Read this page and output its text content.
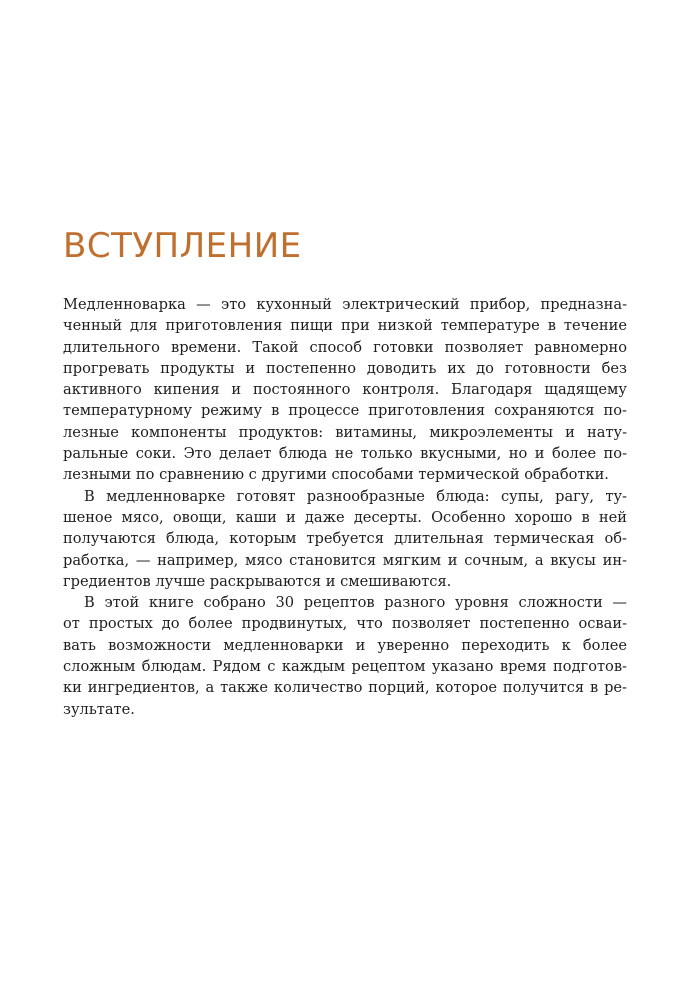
ВСТУПЛЕНИЕ
Медленноварка — это кухонный электрический прибор, предназна-
ченный для приготовления пищи при низкой температуре в течение
длительного времени. Такой способ готовки позволяет равномерно
прогревать продукты и постепенно доводить их до готовности без
активного кипения и постоянного контроля. Благодаря щадящему
температурному режиму в процессе приготовления сохраняются по-
лезные компоненты продуктов: витамины, микроэлементы и нату-
ральные соки. Это делает блюда не только вкусными, но и более по-
лезными по сравнению с другими способами термической обработки.
В медленноварке готовят разнообразные блюда: супы, рагу, ту-
шеное мясо, овощи, каши и даже десерты. Особенно хорошо в ней
получаются блюда, которым требуется длительная термическая об-
работка, — например, мясо становится мягким и сочным, а вкусы ин-
гредиентов лучше раскрываются и смешиваются.
В этой книге собрано 30 рецептов разного уровня сложности —
от простых до более продвинутых, что позволяет постепенно осваи-
вать возможности медленноварки и уверенно переходить к более
сложным блюдам. Рядом с каждым рецептом указано время подготов-
ки ингредиентов, а также количество порций, которое получится в ре-
зультате.
